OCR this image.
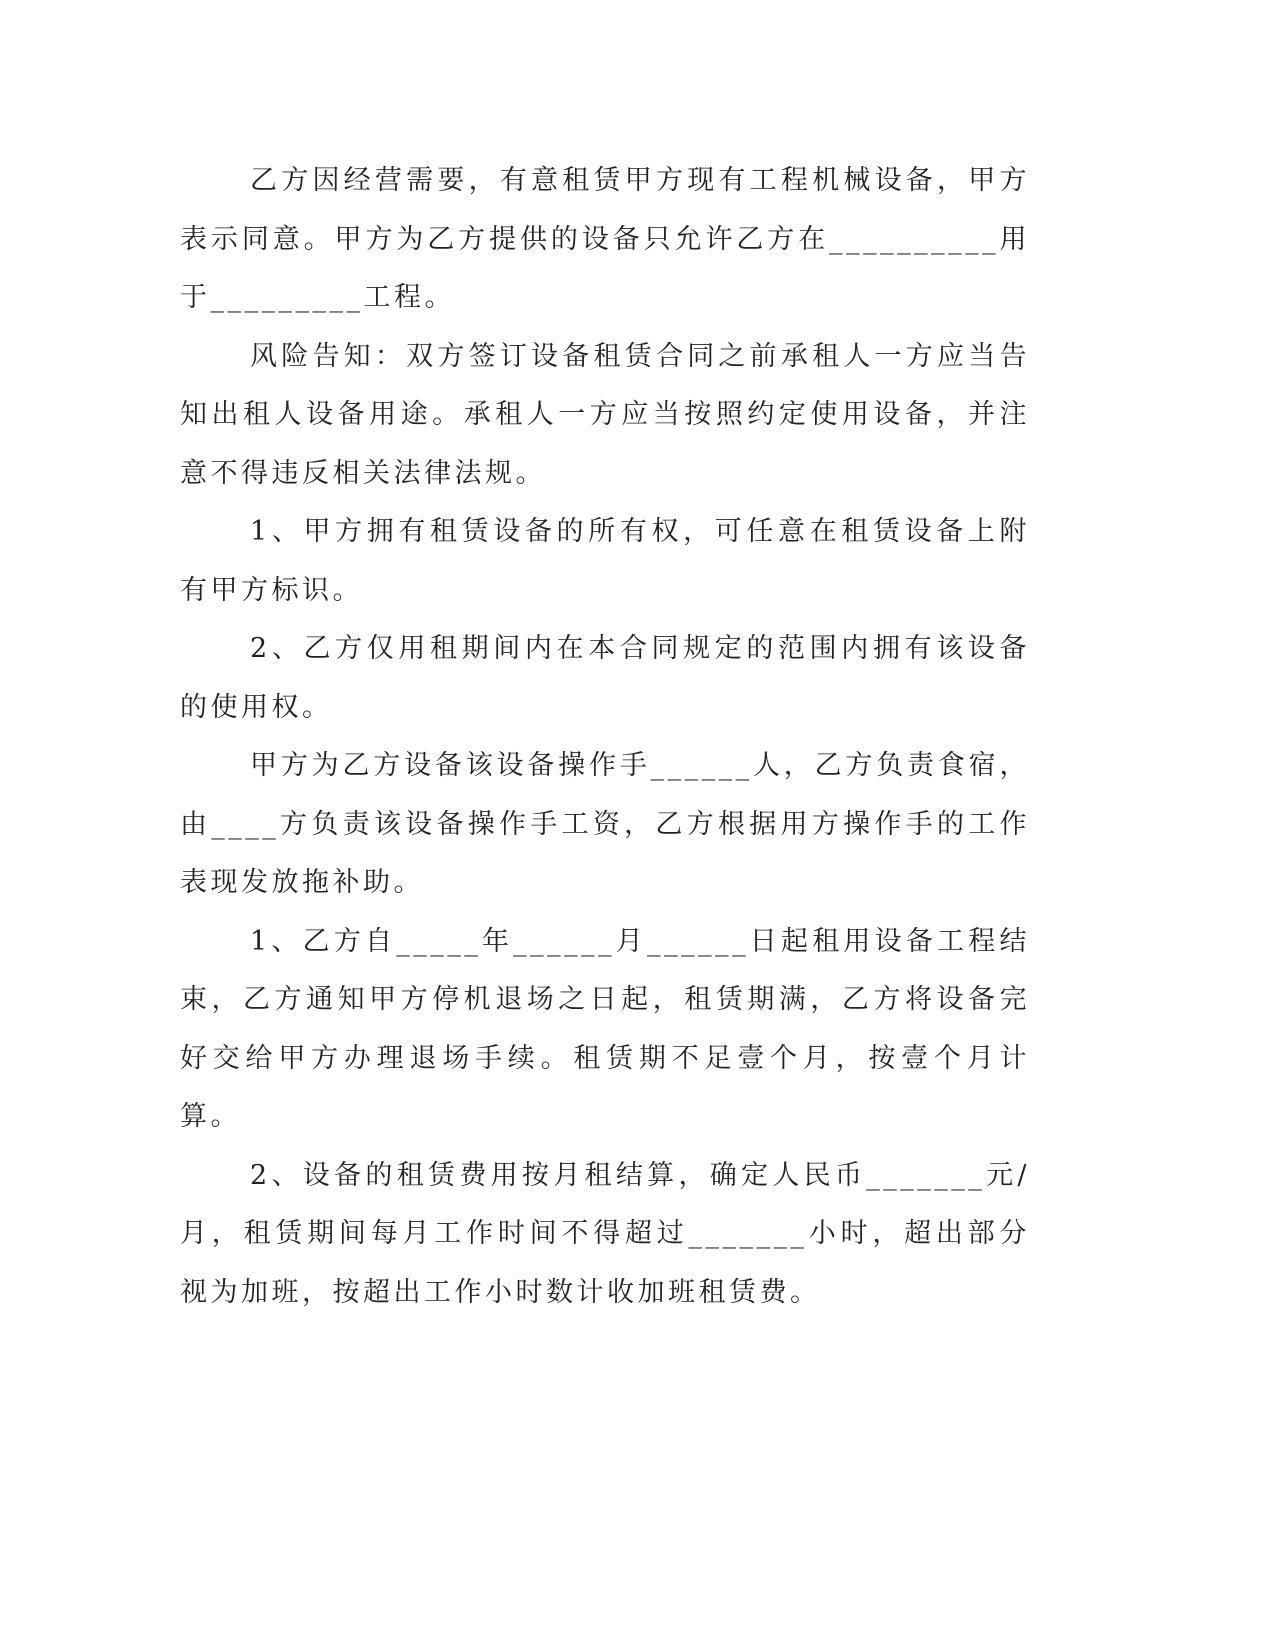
乙方因经营需要，有意租赁甲方现有工程机械设备，甲方表示同意。甲方为乙方提供的设备只允许乙方在__________用于_________工程。

风险告知：双方签订设备租赁合同之前承租人一方应当告知出租人设备用途。承租人一方应当按照约定使用设备，并注意不得违反相关法律法规。

1、甲方拥有租赁设备的所有权，可任意在租赁设备上附有甲方标识。

2、乙方仅用租期间内在本合同规定的范围内拥有该设备的使用权。

甲方为乙方设备该设备操作手______人，乙方负责食宿，由____方负责该设备操作手工资，乙方根据用方操作手的工作表现发放拖补助。

1、乙方自_____年______月______日起租用设备工程结束，乙方通知甲方停机退场之日起，租赁期满，乙方将设备完好交给甲方办理退场手续。租赁期不足壹个月，按壹个月计算。

2、设备的租赁费用按月租结算，确定人民币_______元/月，租赁期间每月工作时间不得超过_______小时，超出部分视为加班，按超出工作小时数计收加班租赁费。
